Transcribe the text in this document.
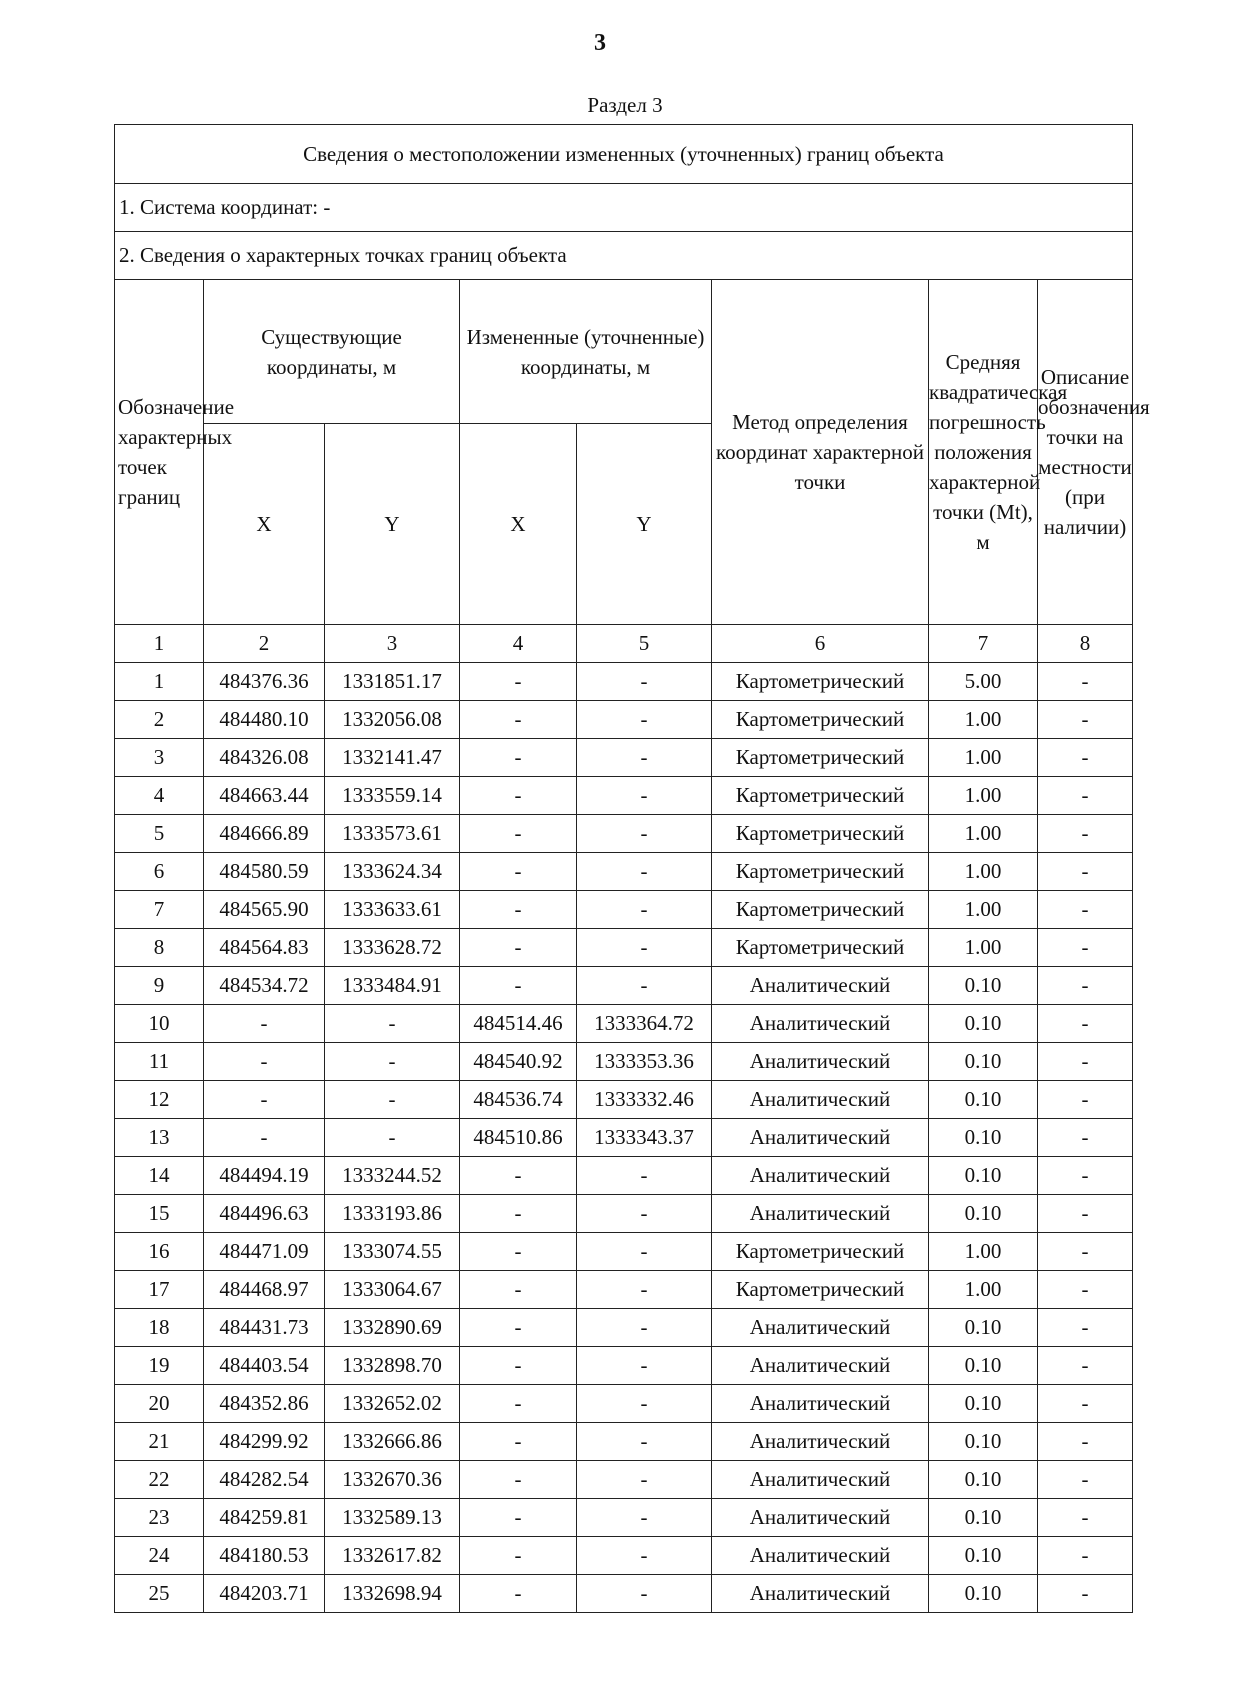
3
Раздел 3
Сведения о местоположении измененных (уточненных) границ объекта							
1. Система координат: -							
2. Сведения о характерных точках границ объекта							
Обозначение характерных точек границ	Существующие координаты, м		Измененные (уточненные) координаты, м		Метод определения координат характерной точки	Средняя квадратическая погрешность положения характерной точки (Mt), м	Описание обозначения точки на местности (при наличии)
	X	Y	X	Y			
1	2	3	4	5	6	7	8
1	484376.36	1331851.17	-	-	Картометрический	5.00	-
2	484480.10	1332056.08	-	-	Картометрический	1.00	-
3	484326.08	1332141.47	-	-	Картометрический	1.00	-
4	484663.44	1333559.14	-	-	Картометрический	1.00	-
5	484666.89	1333573.61	-	-	Картометрический	1.00	-
6	484580.59	1333624.34	-	-	Картометрический	1.00	-
7	484565.90	1333633.61	-	-	Картометрический	1.00	-
8	484564.83	1333628.72	-	-	Картометрический	1.00	-
9	484534.72	1333484.91	-	-	Аналитический	0.10	-
10	-	-	484514.46	1333364.72	Аналитический	0.10	-
11	-	-	484540.92	1333353.36	Аналитический	0.10	-
12	-	-	484536.74	1333332.46	Аналитический	0.10	-
13	-	-	484510.86	1333343.37	Аналитический	0.10	-
14	484494.19	1333244.52	-	-	Аналитический	0.10	-
15	484496.63	1333193.86	-	-	Аналитический	0.10	-
16	484471.09	1333074.55	-	-	Картометрический	1.00	-
17	484468.97	1333064.67	-	-	Картометрический	1.00	-
18	484431.73	1332890.69	-	-	Аналитический	0.10	-
19	484403.54	1332898.70	-	-	Аналитический	0.10	-
20	484352.86	1332652.02	-	-	Аналитический	0.10	-
21	484299.92	1332666.86	-	-	Аналитический	0.10	-
22	484282.54	1332670.36	-	-	Аналитический	0.10	-
23	484259.81	1332589.13	-	-	Аналитический	0.10	-
24	484180.53	1332617.82	-	-	Аналитический	0.10	-
25	484203.71	1332698.94	-	-	Аналитический	0.10	-
